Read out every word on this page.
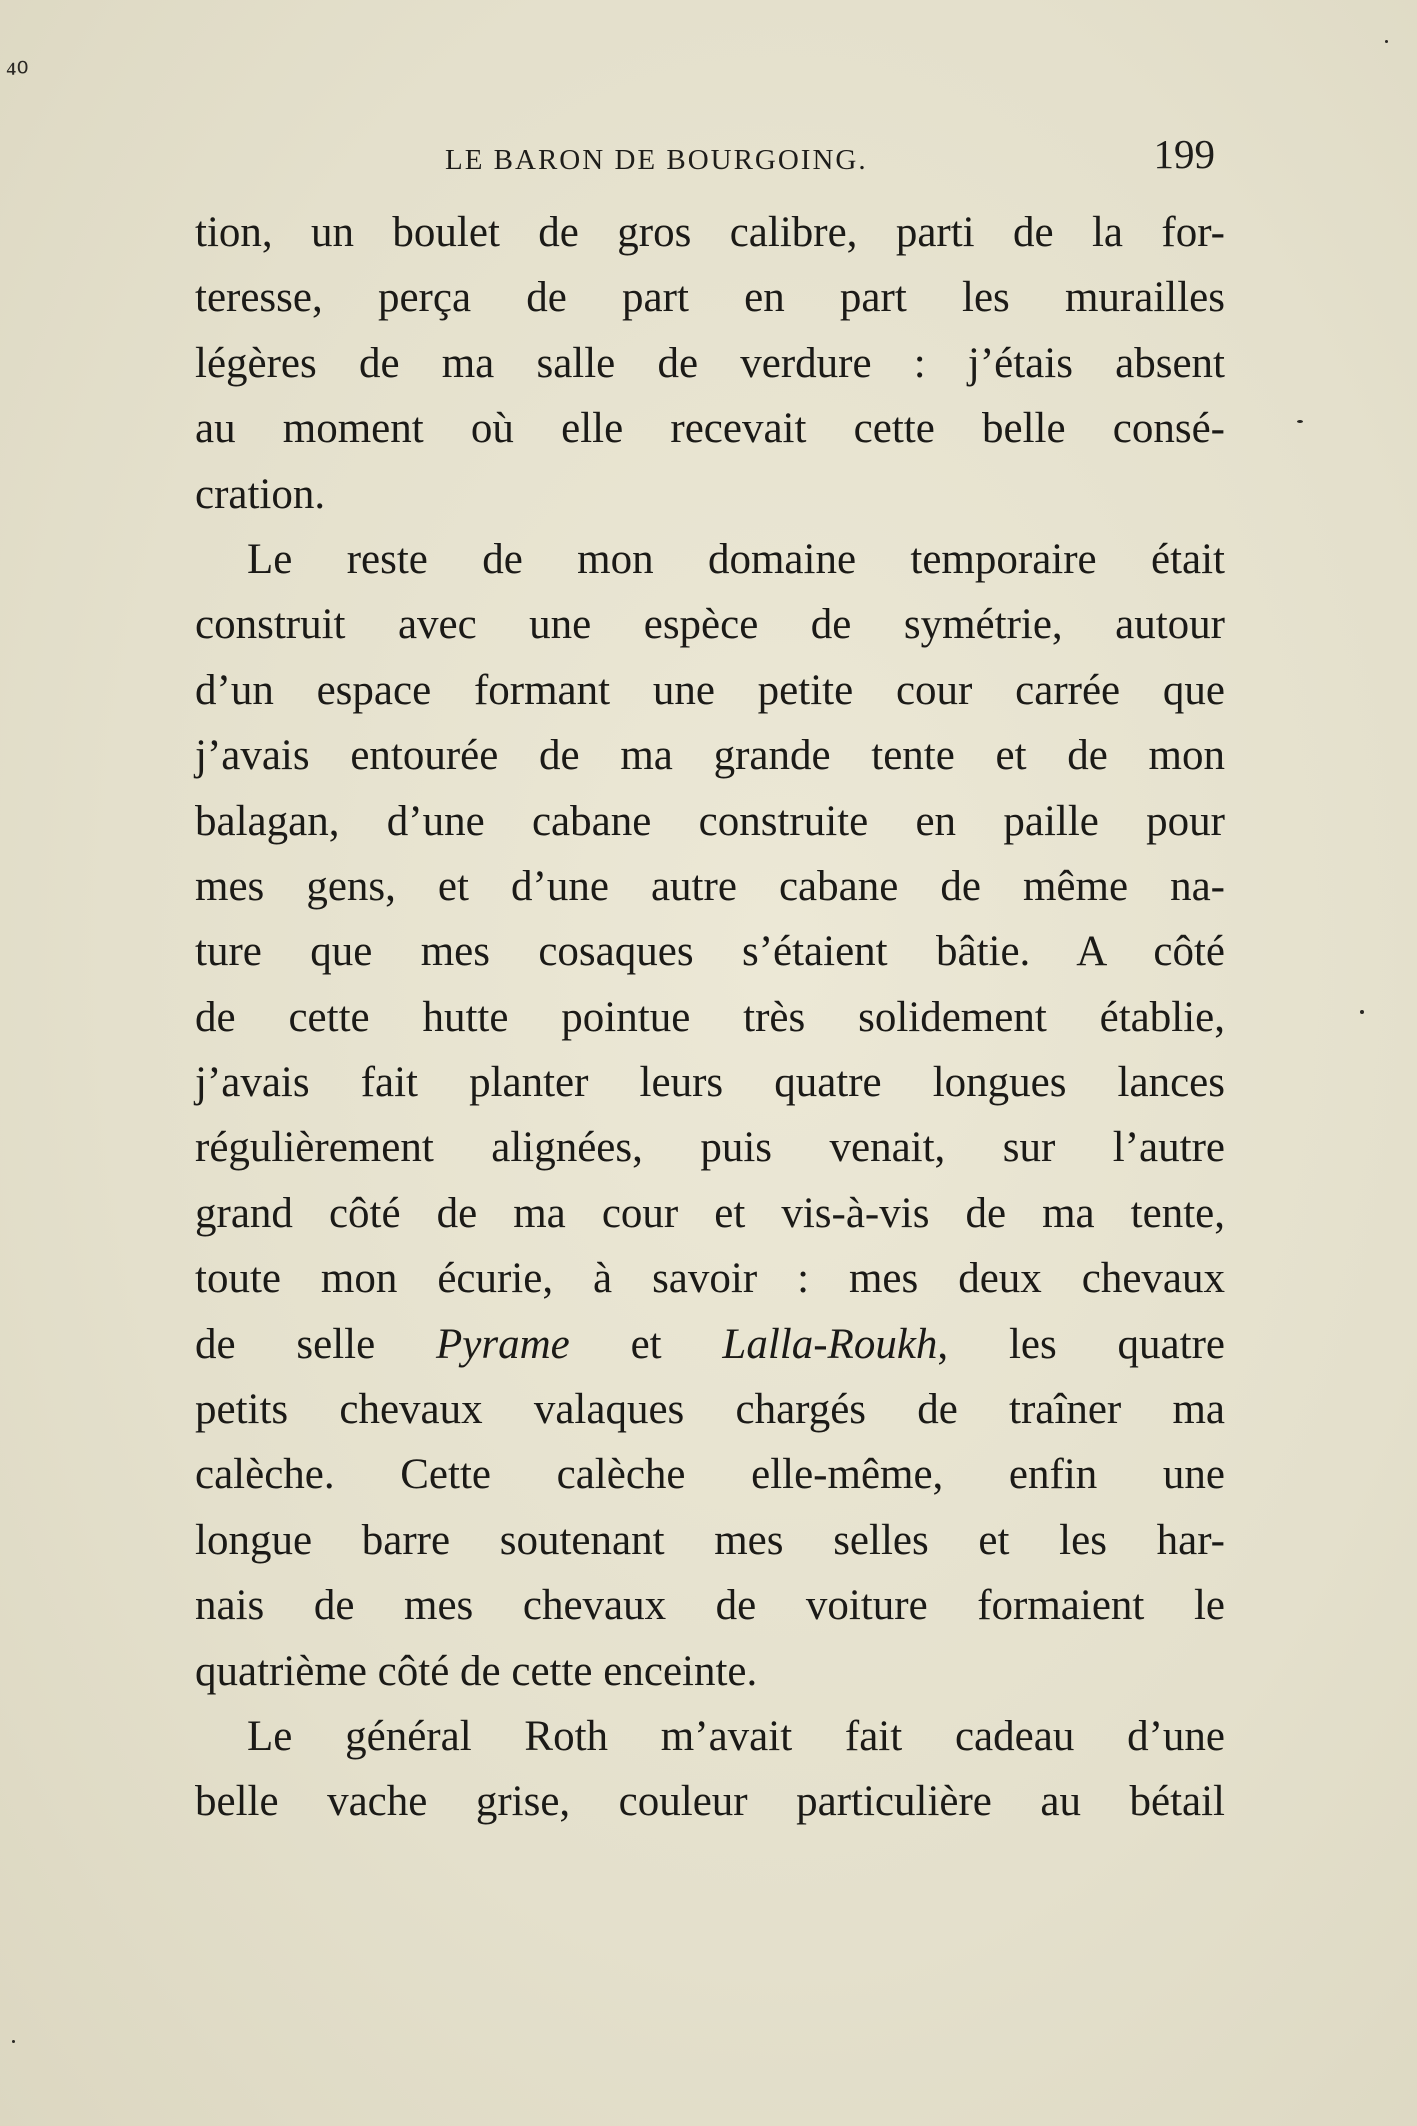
⁴⁰
LE BARON DE BOURGOING.	199
tion, un boulet de gros calibre, parti de la for-
teresse, perça de part en part les murailles
légères de ma salle de verdure : j’étais absent
au moment où elle recevait cette belle consé-
cration.
Le reste de mon domaine temporaire était
construit avec une espèce de symétrie, autour
d’un espace formant une petite cour carrée que
j’avais entourée de ma grande tente et de mon
balagan, d’une cabane construite en paille pour
mes gens, et d’une autre cabane de même na-
ture que mes cosaques s’étaient bâtie. A côté
de cette hutte pointue très solidement établie,
j’avais fait planter leurs quatre longues lances
régulièrement alignées, puis venait, sur l’autre
grand côté de ma cour et vis-à-vis de ma tente,
toute mon écurie, à savoir : mes deux chevaux
de selle Pyrame et Lalla-Roukh, les quatre
petits chevaux valaques chargés de traîner ma
calèche. Cette calèche elle-même, enfin une
longue barre soutenant mes selles et les har-
nais de mes chevaux de voiture formaient le
quatrième côté de cette enceinte.
Le général Roth m’avait fait cadeau d’une
belle vache grise, couleur particulière au bétail
